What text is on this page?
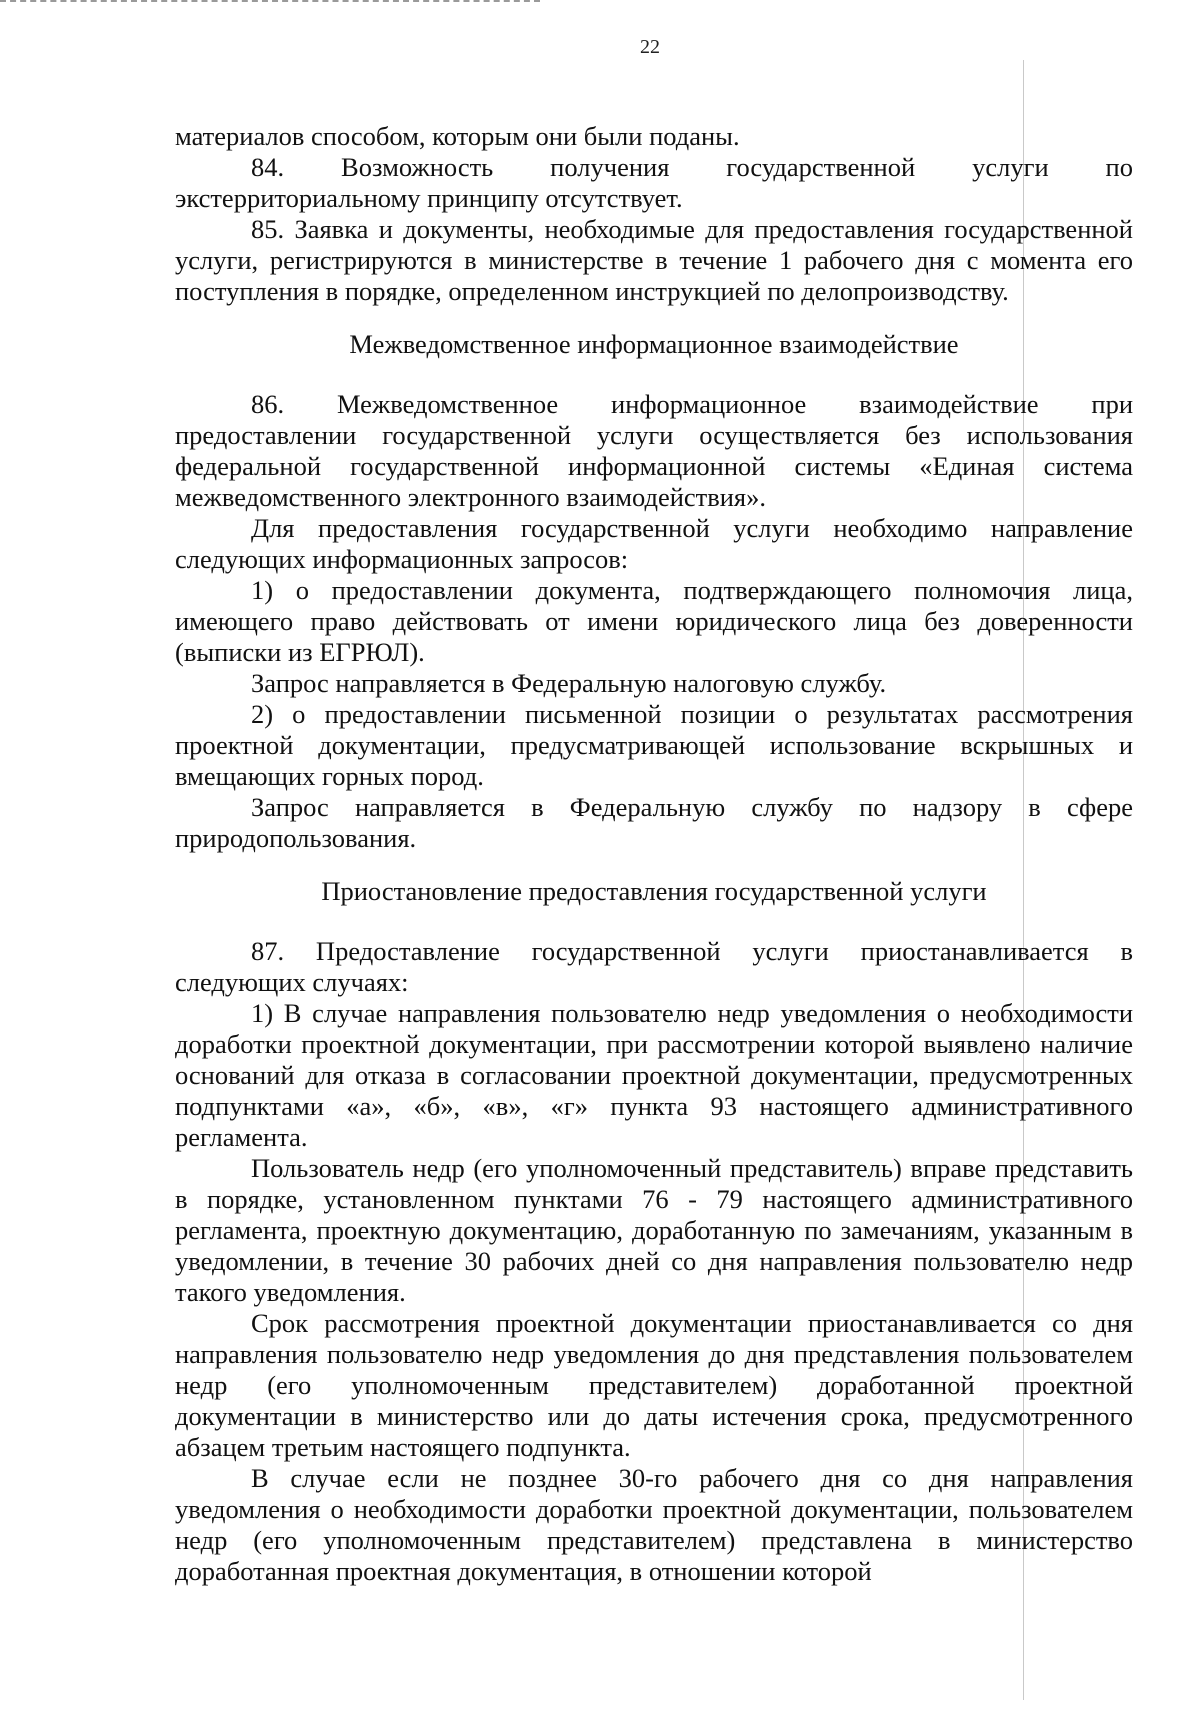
22

материалов способом, которым они были поданы.

84. Возможность получения государственной услуги по экстерриториальному принципу отсутствует.

85. Заявка и документы, необходимые для предоставления государственной услуги, регистрируются в министерстве в течение 1 рабочего дня с момента его поступления в порядке, определенном инструкцией по делопроизводству.

Межведомственное информационное взаимодействие

86. Межведомственное информационное взаимодействие при предоставлении государственной услуги осуществляется без использования федеральной государственной информационной системы «Единая система межведомственного электронного взаимодействия».

Для предоставления государственной услуги необходимо направление следующих информационных запросов:

1) о предоставлении документа, подтверждающего полномочия лица, имеющего право действовать от имени юридического лица без доверенности (выписки из ЕГРЮЛ).

Запрос направляется в Федеральную налоговую службу.

2) о предоставлении письменной позиции о результатах рассмотрения проектной документации, предусматривающей использование вскрышных и вмещающих горных пород.

Запрос направляется в Федеральную службу по надзору в сфере природопользования.

Приостановление предоставления государственной услуги

87. Предоставление государственной услуги приостанавливается в следующих случаях:

1) В случае направления пользователю недр уведомления о необходимости доработки проектной документации, при рассмотрении которой выявлено наличие оснований для отказа в согласовании проектной документации, предусмотренных подпунктами «а», «б», «в», «г» пункта 93 настоящего административного регламента.

Пользователь недр (его уполномоченный представитель) вправе представить в порядке, установленном пунктами 76 - 79 настоящего административного регламента, проектную документацию, доработанную по замечаниям, указанным в уведомлении, в течение 30 рабочих дней со дня направления пользователю недр такого уведомления.

Срок рассмотрения проектной документации приостанавливается со дня направления пользователю недр уведомления до дня представления пользователем недр (его уполномоченным представителем) доработанной проектной документации в министерство или до даты истечения срока, предусмотренного абзацем третьим настоящего подпункта.

В случае если не позднее 30-го рабочего дня со дня направления уведомления о необходимости доработки проектной документации, пользователем недр (его уполномоченным представителем) представлена в министерство доработанная проектная документация, в отношении которой
